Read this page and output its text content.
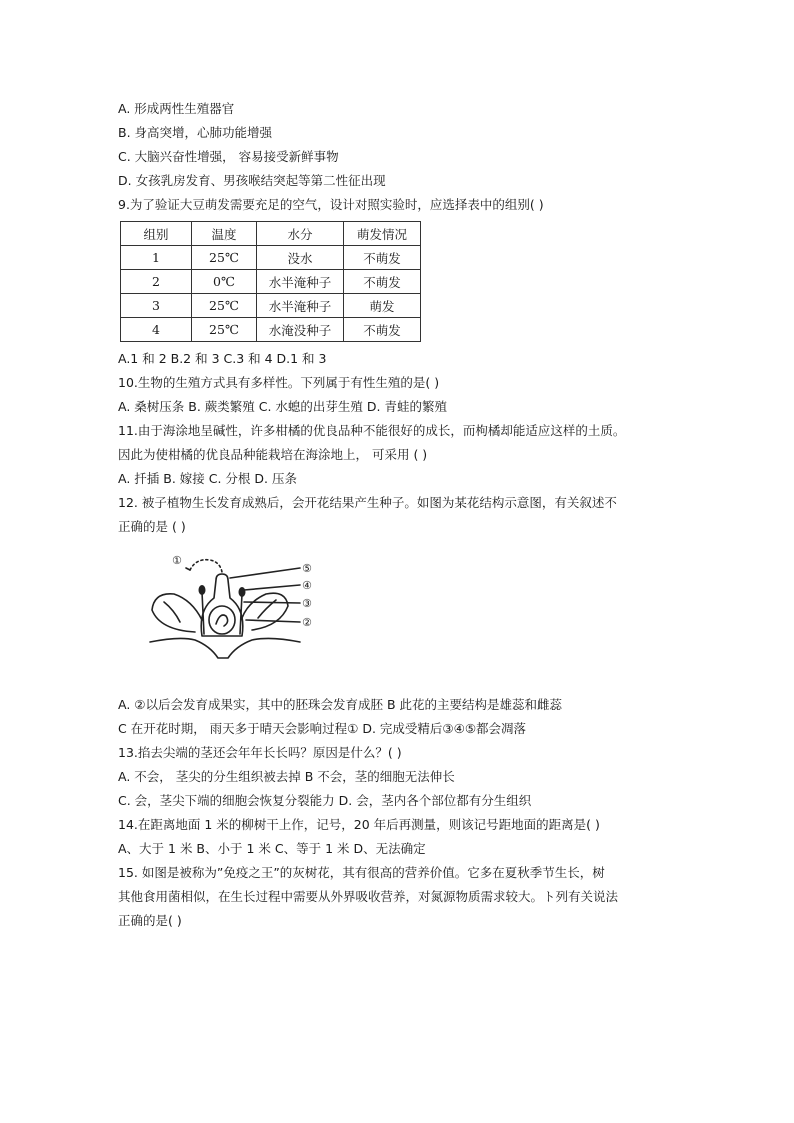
A. 形成两性生殖器官
B. 身高突增，心肺功能增强
C. 大脑兴奋性增强， 容易接受新鲜事物
D. 女孩乳房发育、男孩喉结突起等第二性征出现
9.为了验证大豆萌发需要充足的空气，设计对照实验时，应选择表中的组别( )
组别	温度	水分	萌发情况
1	25℃	没水	不萌发
2	0℃	水半淹种子	不萌发
3	25℃	水半淹种子	萌发
4	25℃	水淹没种子	不萌发
A.1 和 2 B.2 和 3 C.3 和 4 D.1 和 3
10.生物的生殖方式具有多样性。下列属于有性生殖的是( )
A. 桑树压条 B. 蕨类繁殖 C. 水螅的出芽生殖 D. 青蛙的繁殖
11.由于海涂地呈碱性，许多柑橘的优良品种不能很好的成长，而枸橘却能适应这样的土质。
因此为使柑橘的优良品种能栽培在海涂地上， 可采用 ( )
A. 扦插 B. 嫁接 C. 分根 D. 压条
12. 被子植物生长发育成熟后，会开花结果产生种子。如图为某花结构示意图，有关叙述不
正确的是 ( )
①
⑤
④
③
②
A. ②以后会发育成果实，其中的胚珠会发育成胚 B 此花的主要结构是雄蕊和雌蕊
C 在开花时期， 雨天多于晴天会影响过程① D. 完成受精后③④⑤都会凋落
13.掐去尖端的茎还会年年长长吗？原因是什么？( )
A. 不会， 茎尖的分生组织被去掉 B 不会，茎的细胞无法伸长
C. 会，茎尖下端的细胞会恢复分裂能力 D. 会，茎内各个部位都有分生组织
14.在距离地面 1 米的柳树干上作，记号，20 年后再测量，则该记号距地面的距离是( )
A、大于 1 米 B、小于 1 米 C、等于 1 米 D、无法确定
15. 如图是被称为”免疫之王”的灰树花，其有很高的营养价值。它多在夏秋季节生长，树
其他食用菌相似，在生长过程中需要从外界吸收营养，对氮源物质需求较大。ト列有关说法
正确的是( )
